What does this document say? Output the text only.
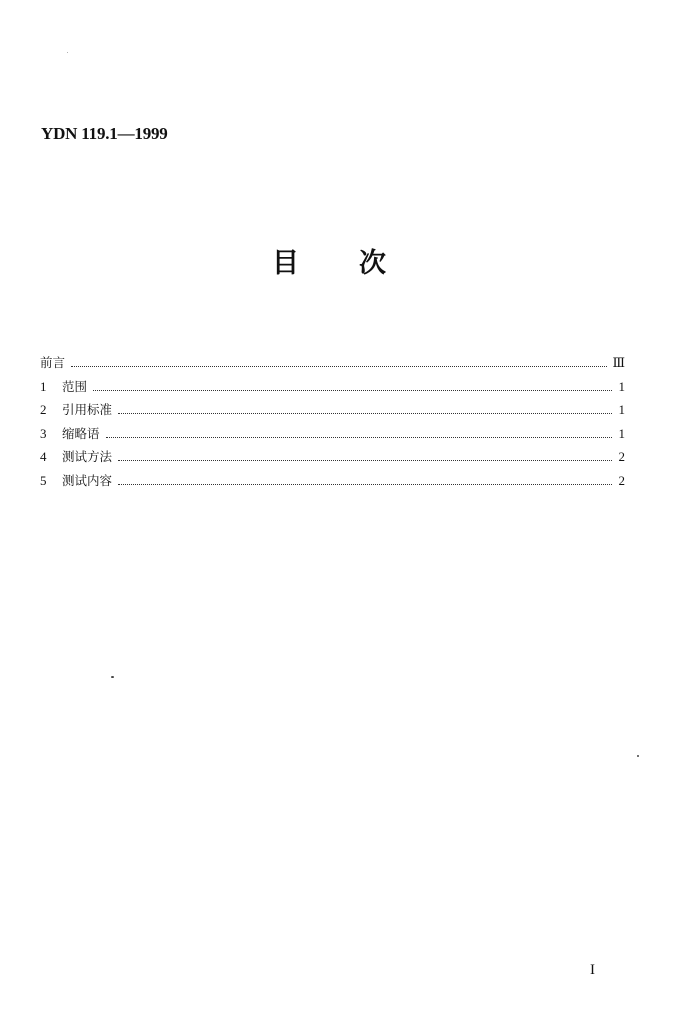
YDN 119.1—1999
目 次
前言	Ⅲ
1	范围	1
2	引用标准	1
3	缩略语	1
4	测试方法	2
5	测试内容	2
I
